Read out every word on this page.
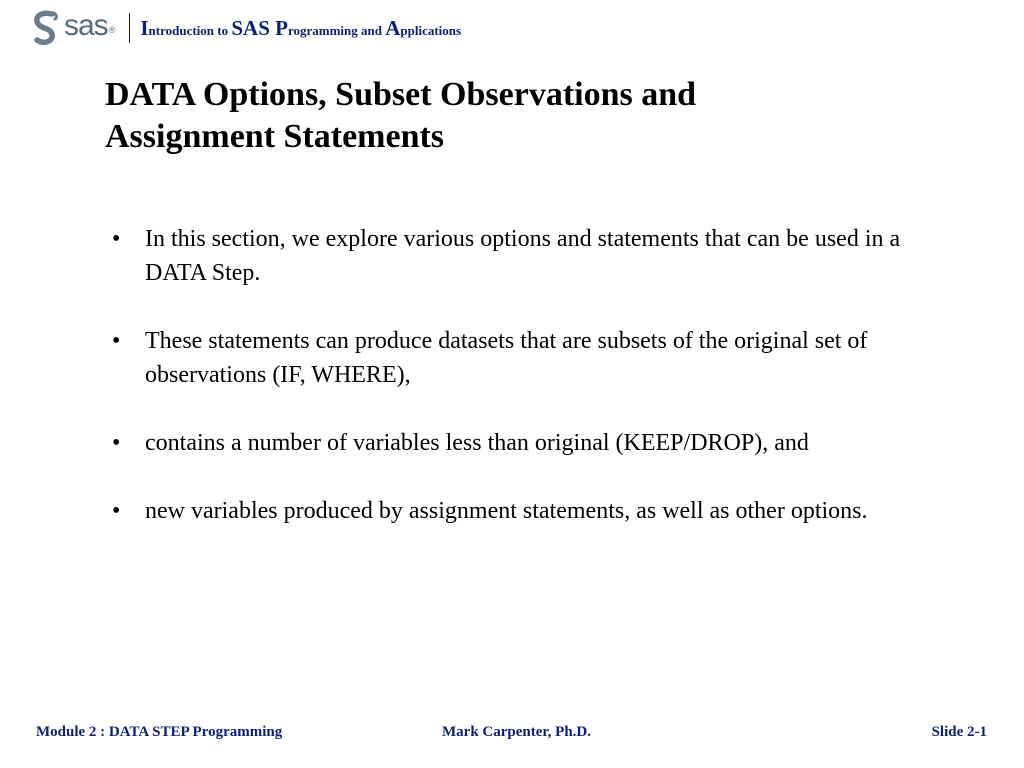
sas ® Introduction to SAS Programming and Applications
DATA Options, Subset Observations and
Assignment Statements
• In this section, we explore various options and statements that can be used in a DATA Step.
• These statements can produce datasets that are subsets of the original set of observations (IF, WHERE),
• contains a number of variables less than original (KEEP/DROP), and
• new variables produced by assignment statements, as well as other options.
Module 2 : DATA STEP Programming	Mark Carpenter, Ph.D.	Slide 2-1
